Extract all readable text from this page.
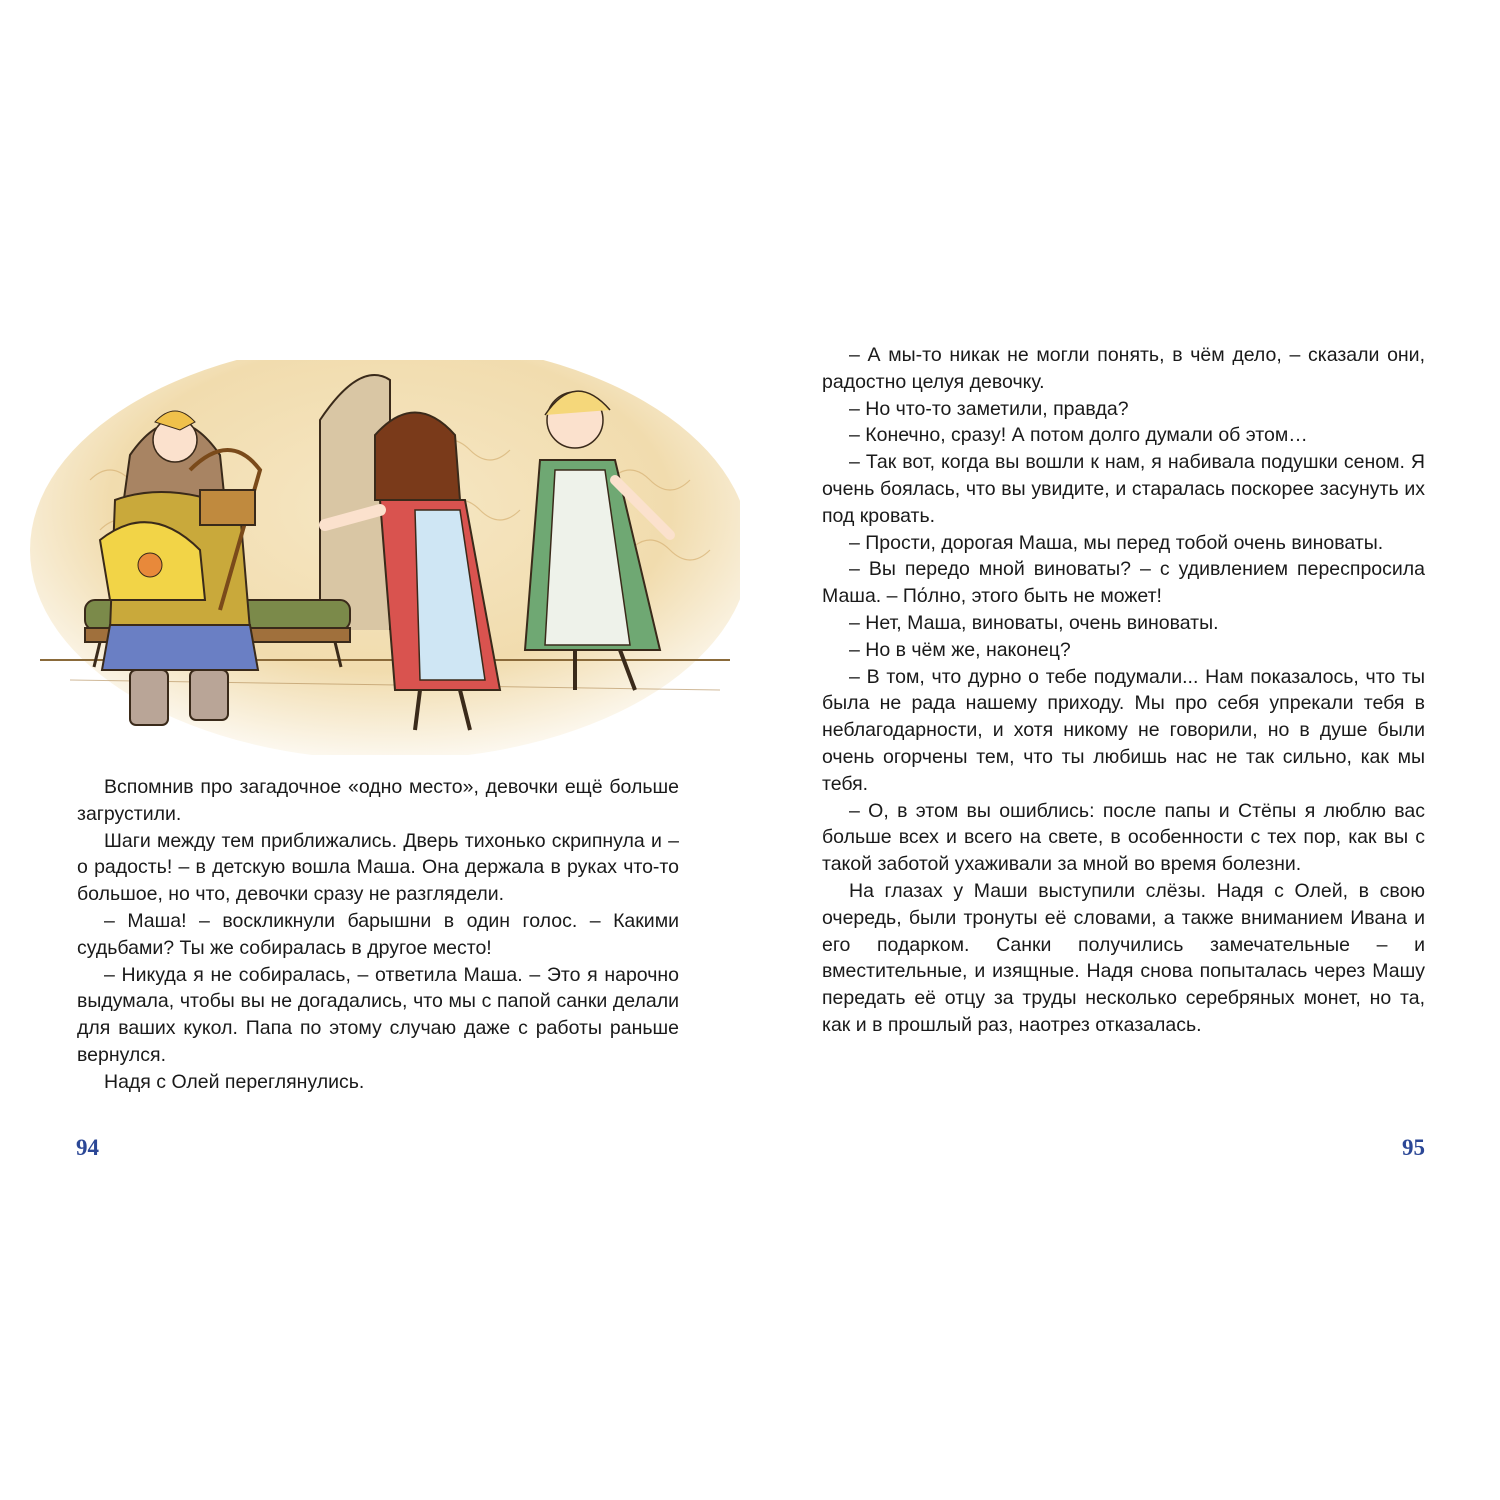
Вспомнив про загадочное «одно место», девочки ещё больше загрустили.

Шаги между тем приближались. Дверь тихонько скрипнула и – о радость! – в детскую вошла Маша. Она держала в руках что-то большое, но что, девочки сразу не разглядели.

– Маша! – воскликнули барышни в один голос. – Какими судьбами? Ты же собиралась в другое место!

– Никуда я не собиралась, – ответила Маша. – Это я нарочно выдумала, чтобы вы не догадались, что мы с папой санки делали для ваших кукол. Папа по этому случаю даже с работы раньше вернулся.

Надя с Олей переглянулись.

– А мы-то никак не могли понять, в чём дело, – сказали они, радостно целуя девочку.

– Но что-то заметили, правда?

– Конечно, сразу! А потом долго думали об этом…

– Так вот, когда вы вошли к нам, я набивала подушки сеном. Я очень боялась, что вы увидите, и старалась поскорее засунуть их под кровать.

– Прости, дорогая Маша, мы перед тобой очень виноваты.

– Вы передо мной виноваты? – с удивлением переспросила Маша. – По́лно, этого быть не может!

– Нет, Маша, виноваты, очень виноваты.

– Но в чём же, наконец?

– В том, что дурно о тебе подумали... Нам показалось, что ты была не рада нашему приходу. Мы про себя упрекали тебя в неблагодарности, и хотя никому не говорили, но в душе были очень огорчены тем, что ты любишь нас не так сильно, как мы тебя.

– О, в этом вы ошиблись: после папы и Стёпы я люблю вас больше всех и всего на свете, в особенности с тех пор, как вы с такой заботой ухаживали за мной во время болезни.

На глазах у Маши выступили слёзы. Надя с Олей, в свою очередь, были тронуты её словами, а также вниманием Ивана и его подарком. Санки получились замечательные – и вместительные, и изящные. Надя снова попыталась через Машу передать её отцу за труды несколько серебряных монет, но та, как и в прошлый раз, наотрез отказалась.

94	95
